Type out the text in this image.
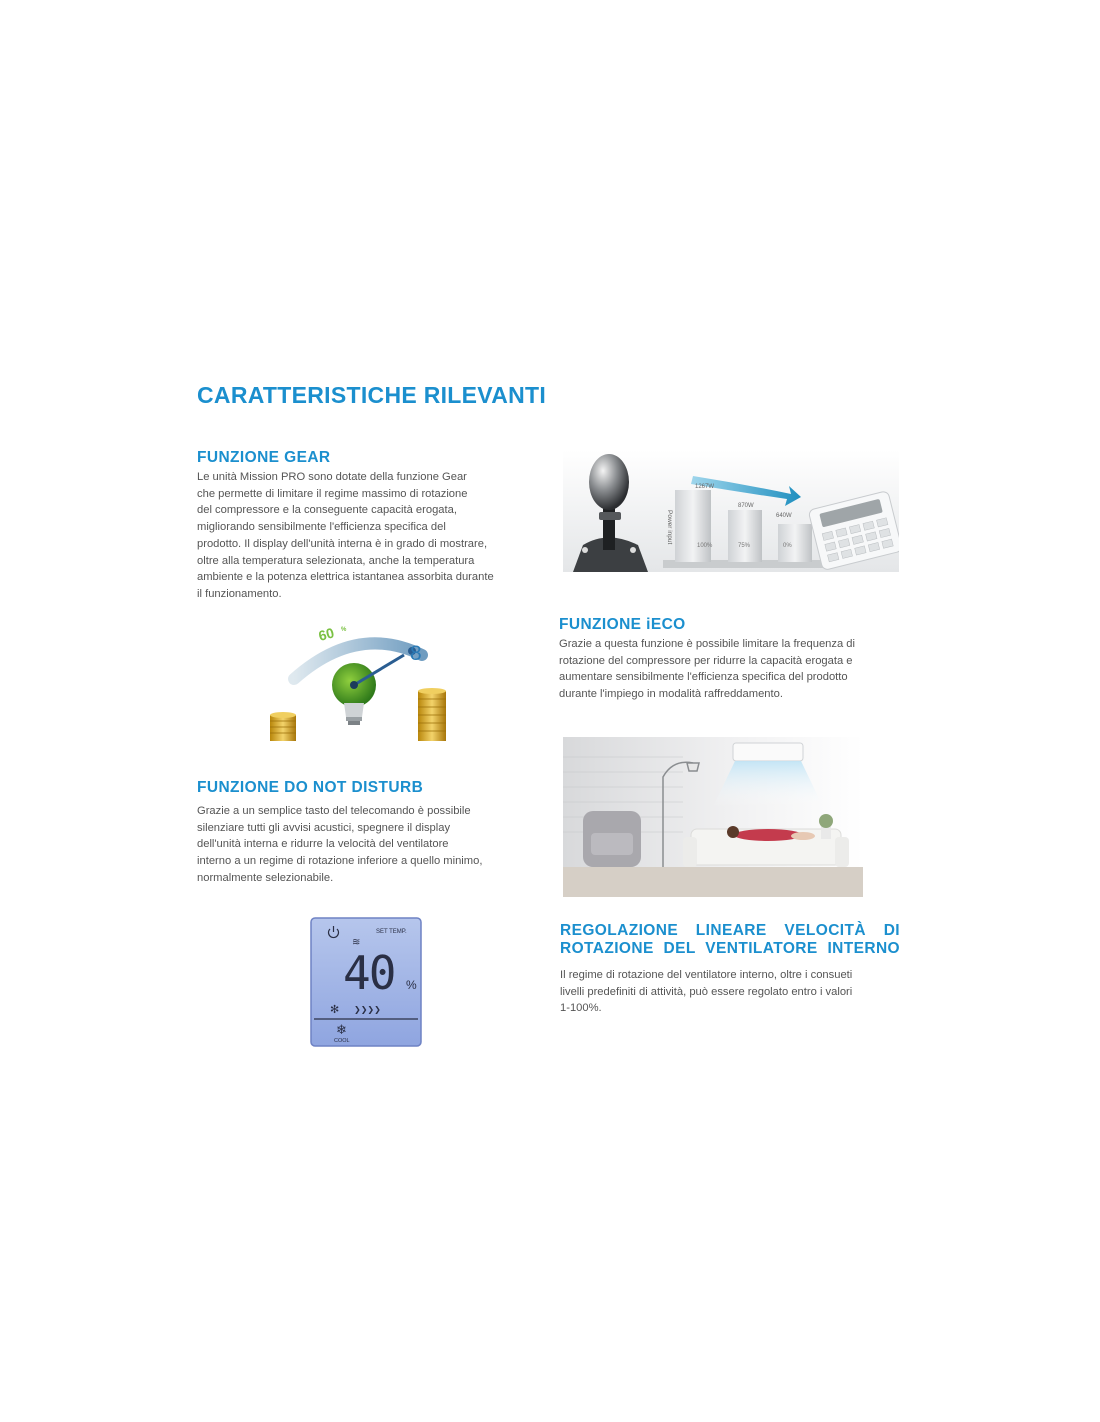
CARATTERISTICHE RILEVANTI
FUNZIONE GEAR

Le unità Mission PRO sono dotate della funzione Gear

che permette di limitare il regime massimo di rotazione

del compressore e la conseguente capacità erogata,

migliorando sensibilmente l'efficienza specifica del

prodotto. Il display dell'unità interna è in grado di mostrare,

oltre alla temperatura selezionata, anche la temperatura

ambiente e la potenza elettrica istantanea assorbita durante

il funzionamento.

Power input
1267W
870W
640W
100%	75%	0%
FUNZIONE iECO

Grazie a questa funzione è possibile limitare la frequenza di

rotazione del compressore per ridurre la capacità erogata e

aumentare sensibilmente l'efficienza specifica del prodotto

durante l'impiego in modalità raffreddamento.

60 %
8
FUNZIONE DO NOT DISTURB

Grazie a un semplice tasto del telecomando è possibile

silenziare tutti gli avvisi acustici, spegnere il display

dell'unità interna e ridurre la velocità del ventilatore

interno a un regime di rotazione inferiore a quello minimo,

normalmente selezionabile.

SET TEMP.
≋
40 %
✻ ❯❯❯❯
❄
COOL

REGOLAZIONE LINEARE VELOCITÀ DI

ROTAZIONE DEL VENTILATORE INTERNO

Il regime di rotazione del ventilatore interno, oltre i consueti

livelli predefiniti di attività, può essere regolato entro i valori

1-100%.
